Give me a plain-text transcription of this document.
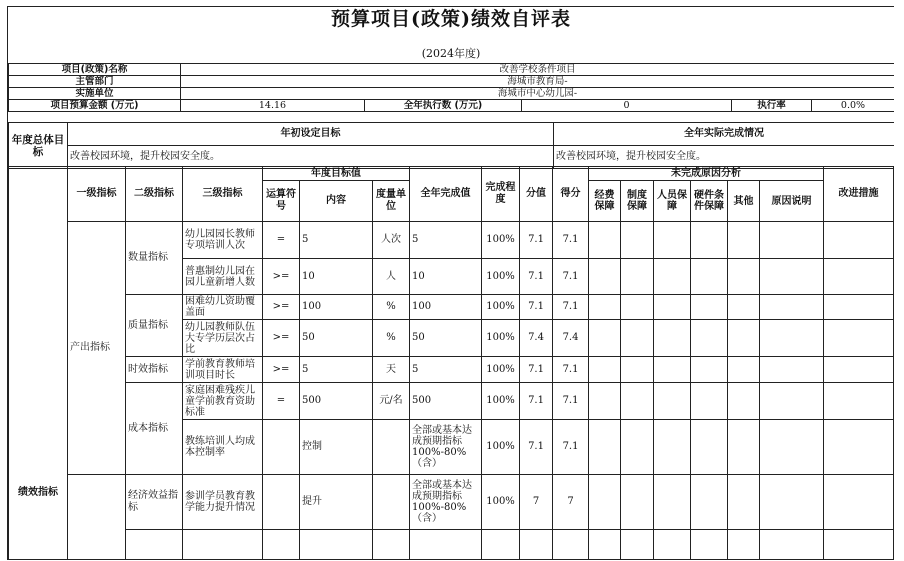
预算项目(政策)绩效自评表
(2024年度)
项目(政策)名称	改善学校条件项目				
主管部门	海城市教育局-				
实施单位	海城市中心幼儿园-				
项目预算金额 (万元)	14.16	全年执行数 (万元)	0	执行率	0.0%
年度总体目标	年初设定目标	全年实际完成情况
	改善校园环境，提升校园安全度。	改善校园环境，提升校园安全度。
绩效指标	一级指标	二级指标	三级指标	年度目标值			全年完成值	完成程度	分值	得分	未完成原因分析						改进措施
				运算符号	内容	度量单位					经费保障	制度保障	人员保障	硬件条件保障	其他	原因说明	
	产出指标	数量指标	幼儿园园长教师专项培训人次	=	5	人次	5	100%	7.1	7.1							
			普惠制幼儿园在园儿童新增人数	>=	10	人	10	100%	7.1	7.1							
		质量指标	困难幼儿资助覆盖面	>=	100	%	100	100%	7.1	7.1							
			幼儿园教师队伍大专学历层次占比	>=	50	%	50	100%	7.4	7.4							
		时效指标	学前教育教师培训项目时长	>=	5	天	5	100%	7.1	7.1							
		成本指标	家庭困难残疾儿童学前教育资助标准	=	500	元/名	500	100%	7.1	7.1							
			教练培训人均成本控制率		控制		全部或基本达成预期指标100%-80%（含）	100%	7.1	7.1							
		经济效益指标	参训学员教育教学能力提升情况		提升		全部或基本达成预期指标100%-80%（含）	100%	7	7							
